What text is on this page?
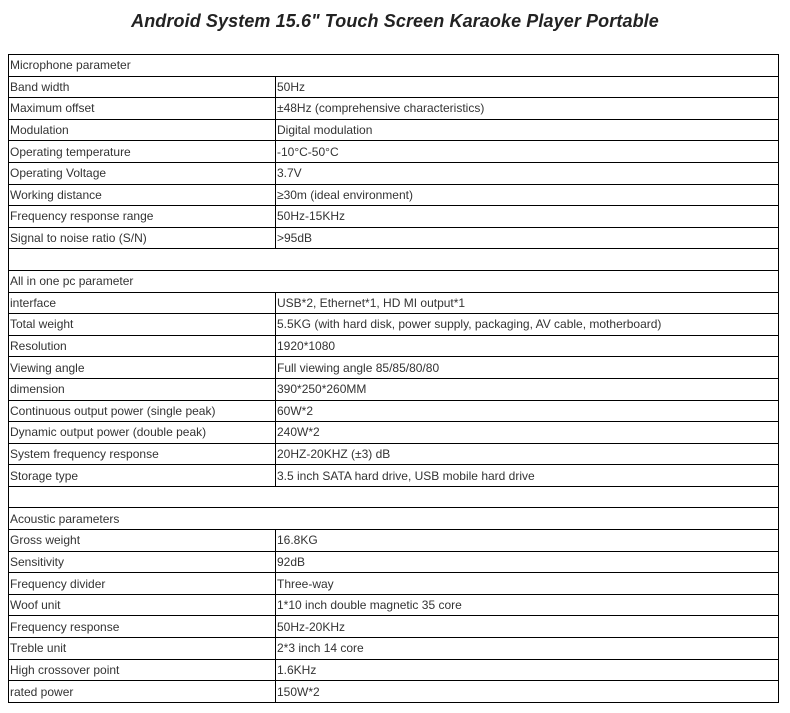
Android System 15.6" Touch Screen Karaoke Player Portable
Microphone parameter	
Band width	50Hz
Maximum offset	±48Hz (comprehensive characteristics)
Modulation	Digital modulation
Operating temperature	-10°C-50°C
Operating Voltage	3.7V
Working distance	≥30m (ideal environment)
Frequency response range	50Hz-15KHz
Signal to noise ratio (S/N)	>95dB

All in one pc parameter	
interface	USB*2, Ethernet*1, HD MI output*1
Total weight	5.5KG (with hard disk, power supply, packaging, AV cable, motherboard)
Resolution	1920*1080
Viewing angle	Full viewing angle 85/85/80/80
dimension	390*250*260MM
Continuous output power (single peak)	60W*2
Dynamic output power (double peak)	240W*2
System frequency response	20HZ-20KHZ (±3) dB
Storage type	3.5 inch SATA hard drive, USB mobile hard drive

Acoustic parameters	
Gross weight	16.8KG
Sensitivity	92dB
Frequency divider	Three-way
Woof unit	1*10 inch double magnetic 35 core
Frequency response	50Hz-20KHz
Treble unit	2*3 inch 14 core
High crossover point	1.6KHz
rated power	150W*2
